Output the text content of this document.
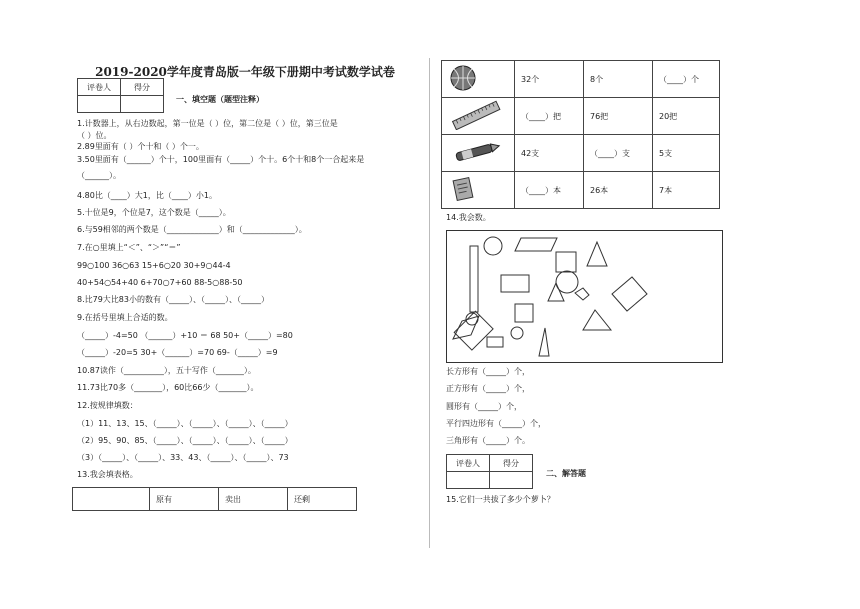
2019-2020学年度青岛版一年级下册期中考试数学试卷
评卷人	得分

一、填空题（题型注释）
1.计数器上，从右边数起，第一位是（ ）位，第二位是（ ）位，第三位是
（ ）位。
2.89里面有（ ）个十和（ ）个一。
3.50里面有（______）个十，100里面有（_____）个十。6个十和8个一合起来是
（______）。
4.80比（____）大1，比（____）小1。
5.十位是9，个位是7，这个数是（_____）。
6.与59相邻的两个数是（_____________）和（_____________）。
7.在○里填上“＜”、“＞”“＝”
99○100 36○63 15+6○20 30+9○44-4
40+54○54+40 6+70○7+60 88-5○88-50
8.比79大比83小的数有（_____）、（_____）、（_____）
9.在括号里填上合适的数。
（_____）-4=50 （______）+10 ＝ 68 50+（_____）=80
（_____）-20=5 30+（______）=70 69-（_____）=9
10.87读作（__________），五十写作（_______）。
11.73比70多（_______），60比66少（_______）。
12.按规律填数：
（1）11、13、15、（_____）、（_____）、（_____）、（_____）
（2）95、90、85、（_____）、（_____）、（_____）、（_____）
（3）（_____）、（_____）、33、43、（_____）、（_____）、73
13.我会填表格。
	原有	卖出	还剩
	32个	8个	（____）个
	（____）把	76把	20把
	42支	（____）支	5支
	（____）本	26本	7本
14.我会数。
长方形有（_____）个，
正方形有（_____）个，
圆形有（_____）个，
平行四边形有（_____）个，
三角形有（_____）个。
评卷人	得分

二、解答题
15.它们一共拔了多少个萝卜？
